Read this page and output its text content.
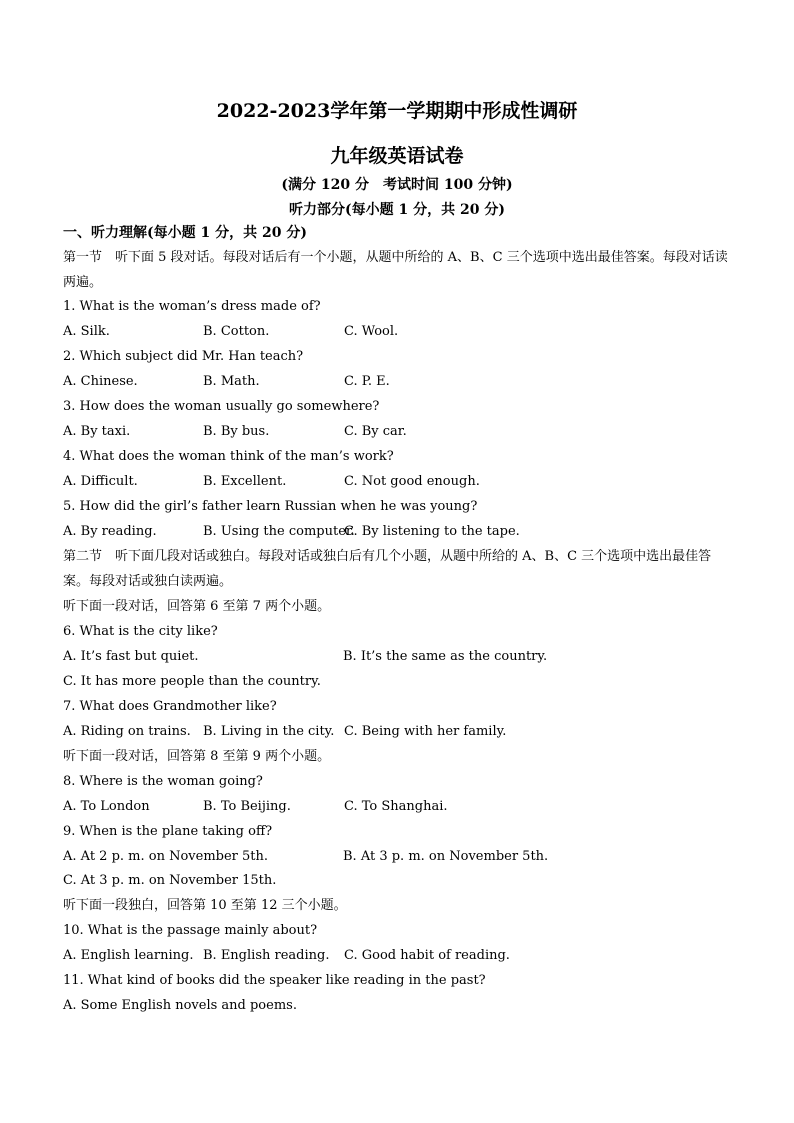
2022-2023学年第一学期期中形成性调研
九年级英语试卷
(满分 120 分　考试时间 100 分钟)
听力部分(每小题 1 分，共 20 分)
一、听力理解(每小题 1 分，共 20 分)
第一节　听下面 5 段对话。每段对话后有一个小题，从题中所给的 A、B、C 三个选项中选出最佳答案。每段对话读两遍。
1. What is the woman’s dress made of?
A. Silk.	B. Cotton.	C. Wool.
2. Which subject did Mr. Han teach?
A. Chinese.	B. Math.	C. P. E.
3. How does the woman usually go somewhere?
A. By taxi.	B. By bus.	C. By car.
4. What does the woman think of the man’s work?
A. Difficult.	B. Excellent.	C. Not good enough.
5. How did the girl’s father learn Russian when he was young?
A. By reading.	B. Using the computer.
C. By listening to the tape.
第二节　听下面几段对话或独白。每段对话或独白后有几个小题，从题中所给的 A、B、C 三个选项中选出最佳答案。每段对话或独白读两遍。
听下面一段对话，回答第 6 至第 7 两个小题。
6. What is the city like?
A. It’s fast but quiet.	B. It’s the same as the country.
C. It has more people than the country.
7. What does Grandmother like?
A. Riding on trains. B. Living in the city. C. Being with her family.
听下面一段对话，回答第 8 至第 9 两个小题。
8. Where is the woman going?
A. To London	B. To Beijing.	C. To Shanghai.
9. When is the plane taking off?
A. At 2 p. m. on November 5th.	B. At 3 p. m. on November 5th.
C. At 3 p. m. on November 15th.
听下面一段独白，回答第 10 至第 12 三个小题。
10. What is the passage mainly about?
A. English learning. B. English reading. C. Good habit of reading.
11. What kind of books did the speaker like reading in the past?
A. Some English novels and poems.
